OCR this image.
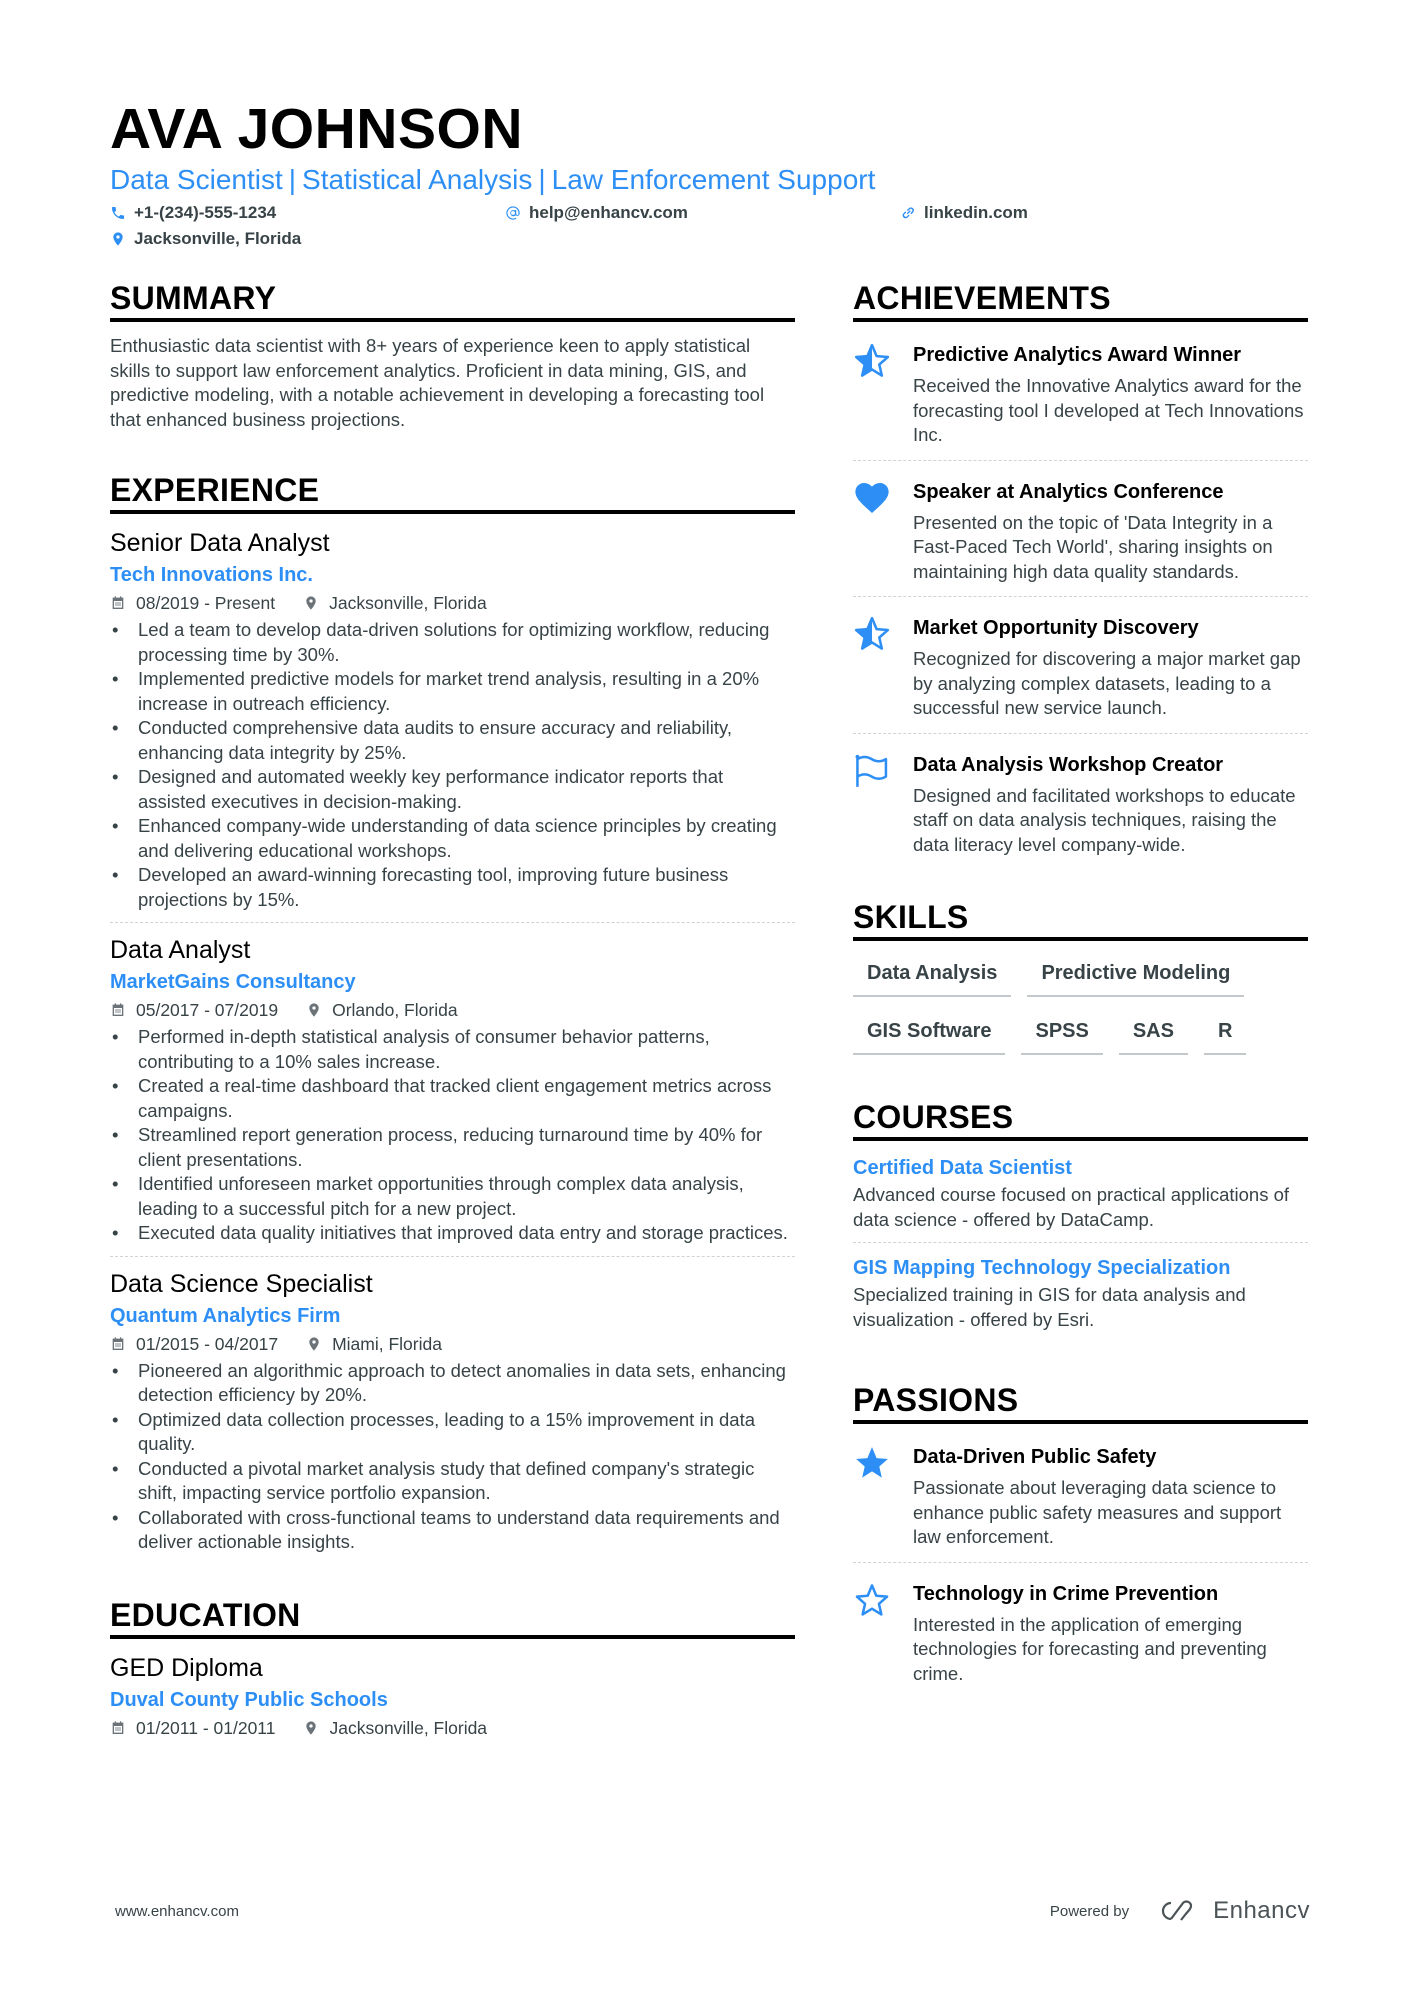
AVA JOHNSON
Data Scientist | Statistical Analysis | Law Enforcement Support
+1-(234)-555-1234	help@enhancv.com	linkedin.com
Jacksonville, Florida
SUMMARY
Enthusiastic data scientist with 8+ years of experience keen to apply statistical skills to support law enforcement analytics. Proficient in data mining, GIS, and predictive modeling, with a notable achievement in developing a forecasting tool that enhanced business projections.
EXPERIENCE
Senior Data Analyst
Tech Innovations Inc.
08/2019 - Present	Jacksonville, Florida
• Led a team to develop data-driven solutions for optimizing workflow, reducing processing time by 30%.
• Implemented predictive models for market trend analysis, resulting in a 20% increase in outreach efficiency.
• Conducted comprehensive data audits to ensure accuracy and reliability, enhancing data integrity by 25%.
• Designed and automated weekly key performance indicator reports that assisted executives in decision-making.
• Enhanced company-wide understanding of data science principles by creating and delivering educational workshops.
• Developed an award-winning forecasting tool, improving future business projections by 15%.
Data Analyst
MarketGains Consultancy
05/2017 - 07/2019	Orlando, Florida
• Performed in-depth statistical analysis of consumer behavior patterns, contributing to a 10% sales increase.
• Created a real-time dashboard that tracked client engagement metrics across campaigns.
• Streamlined report generation process, reducing turnaround time by 40% for client presentations.
• Identified unforeseen market opportunities through complex data analysis, leading to a successful pitch for a new project.
• Executed data quality initiatives that improved data entry and storage practices.
Data Science Specialist
Quantum Analytics Firm
01/2015 - 04/2017	Miami, Florida
• Pioneered an algorithmic approach to detect anomalies in data sets, enhancing detection efficiency by 20%.
• Optimized data collection processes, leading to a 15% improvement in data quality.
• Conducted a pivotal market analysis study that defined company's strategic shift, impacting service portfolio expansion.
• Collaborated with cross-functional teams to understand data requirements and deliver actionable insights.
EDUCATION
GED Diploma
Duval County Public Schools
01/2011 - 01/2011	Jacksonville, Florida
ACHIEVEMENTS
Predictive Analytics Award Winner
Received the Innovative Analytics award for the forecasting tool I developed at Tech Innovations Inc.
Speaker at Analytics Conference
Presented on the topic of 'Data Integrity in a Fast-Paced Tech World', sharing insights on maintaining high data quality standards.
Market Opportunity Discovery
Recognized for discovering a major market gap by analyzing complex datasets, leading to a successful new service launch.
Data Analysis Workshop Creator
Designed and facilitated workshops to educate staff on data analysis techniques, raising the data literacy level company-wide.
SKILLS
Data Analysis	Predictive Modeling
GIS Software	SPSS	SAS	R
COURSES
Certified Data Scientist
Advanced course focused on practical applications of data science - offered by DataCamp.
GIS Mapping Technology Specialization
Specialized training in GIS for data analysis and visualization - offered by Esri.
PASSIONS
Data-Driven Public Safety
Passionate about leveraging data science to enhance public safety measures and support law enforcement.
Technology in Crime Prevention
Interested in the application of emerging technologies for forecasting and preventing crime.
www.enhancv.com	Powered by	Enhancv
